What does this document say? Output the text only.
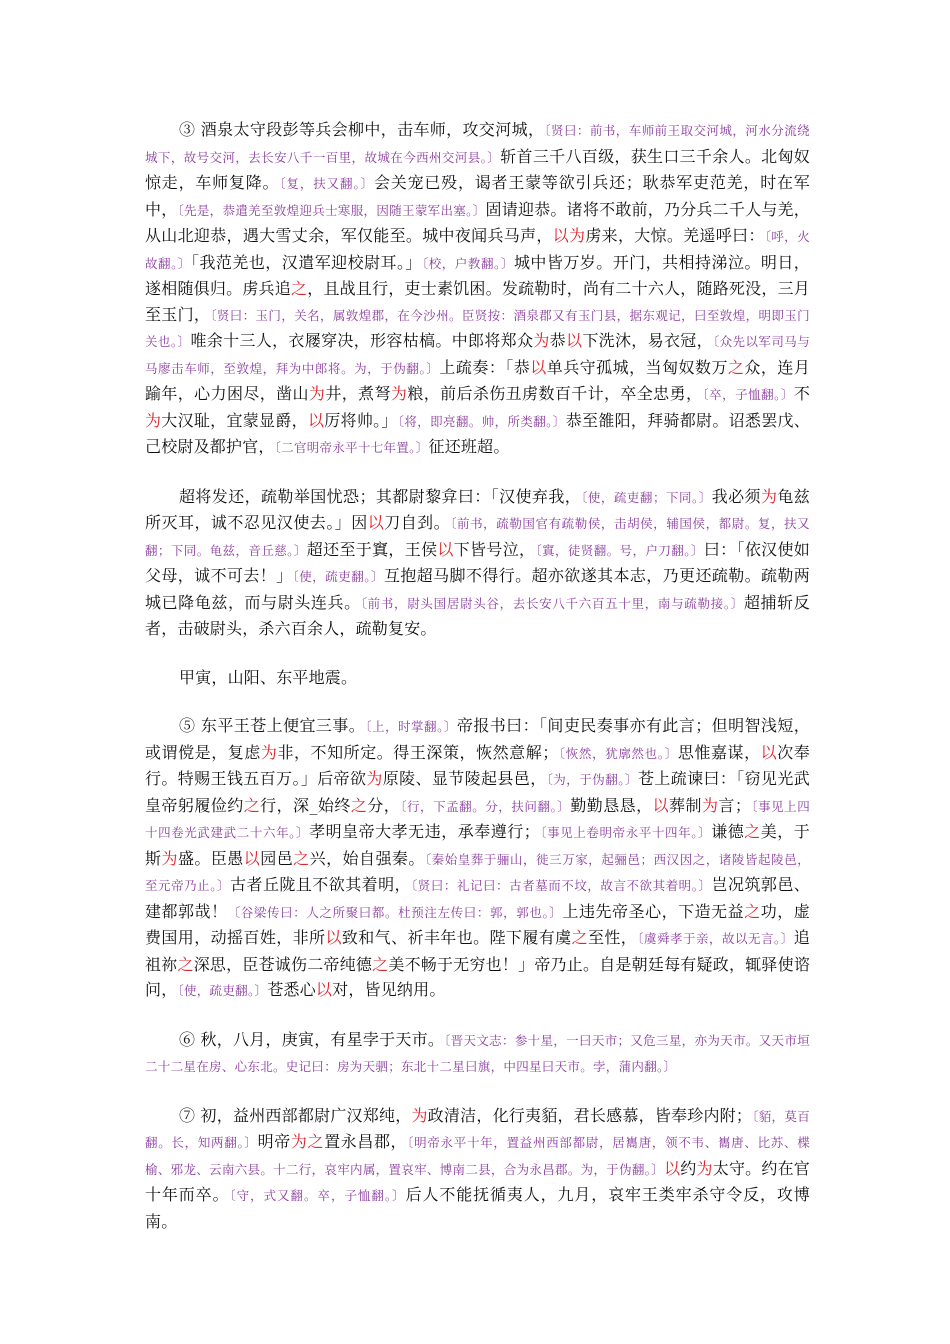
③ 酒泉太守段彭等兵会柳中，击车师，攻交河城，〔贤曰：前书，车师前王取交河城，河水分流绕城下，故号交河，去长安八千一百里，故城在今西州交河县。〕斩首三千八百级，获生口三千余人。北匈奴惊走，车师复降。〔复，扶又翻。〕会关宠已殁，谒者王蒙等欲引兵还；耿恭军吏范羌，时在军中，〔先是，恭遣羌至敦煌迎兵士寒服，因随王蒙军出塞。〕固请迎恭。诸将不敢前，乃分兵二千人与羌，从山北迎恭，遇大雪丈余，军仅能至。城中夜闻兵马声，以为虏来，大惊。羌遥呼曰：〔呼，火故翻。〕「我范羌也，汉遣军迎校尉耳。」〔校，户教翻。〕城中皆万岁。开门，共相持涕泣。明日，遂相随俱归。虏兵追之，且战且行，吏士素饥困。发疏勒时，尚有二十六人，随路死没，三月至玉门，〔贤曰：玉门，关名，属敦煌郡，在今沙州。臣贤按：酒泉郡又有玉门县，据东观记，曰至敦煌，明即玉门关也。〕唯余十三人，衣屦穿决，形容枯槁。中郎将郑众为恭以下洗沐，易衣冠，〔众先以军司马与马廖击车师，至敦煌，拜为中郎将。为，于伪翻。〕上疏奏：「恭以单兵守孤城，当匈奴数万之众，连月踰年，心力困尽，凿山为井，煮弩为粮，前后杀伤丑虏数百千计，卒全忠勇，〔卒，子恤翻。〕不为大汉耻，宜蒙显爵，以厉将帅。」〔将，即亮翻。帅，所类翻。〕恭至雒阳，拜骑都尉。诏悉罢戊、己校尉及都护官，〔二官明帝永平十七年置。〕征还班超。

超将发还，疏勒举国忧恐；其都尉黎弇曰：「汉使弃我，〔使，疏吏翻；下同。〕我必须为龟兹所灭耳，诚不忍见汉使去。」因以刀自刭。〔前书，疏勒国官有疏勒侯，击胡侯，辅国侯，都尉。复，扶又翻；下同。龟兹，音丘慈。〕超还至于窴，王侯以下皆号泣，〔窴，徒贤翻。号，户刀翻。〕曰：「依汉使如父母，诚不可去！」〔使，疏吏翻。〕互抱超马脚不得行。超亦欲遂其本志，乃更还疏勒。疏勒两城已降龟兹，而与尉头连兵。〔前书，尉头国居尉头谷，去长安八千六百五十里，南与疏勒接。〕超捕斩反者，击破尉头，杀六百余人，疏勒复安。

甲寅，山阳、东平地震。

⑤ 东平王苍上便宜三事。〔上，时掌翻。〕帝报书曰：「间吏民奏事亦有此言；但明智浅短，或谓傥是，复虑为非，不知所定。得王深策，恢然意解；〔恢然，犹廓然也。〕思惟嘉谋，以次奉行。特赐王钱五百万。」后帝欲为原陵、显节陵起县邑，〔为，于伪翻。〕苍上疏谏曰：「窃见光武皇帝躬履俭约之行，深_始终之分，〔行，下孟翻。分，扶问翻。〕勤勤恳恳，以葬制为言；〔事见上四十四卷光武建武二十六年。〕孝明皇帝大孝无违，承奉遵行；〔事见上卷明帝永平十四年。〕谦德之美，于斯为盛。臣愚以园邑之兴，始自强秦。〔秦始皇葬于骊山，徙三万家，起骊邑；西汉因之，诸陵皆起陵邑，至元帝乃止。〕古者丘陇且不欲其着明，〔贤曰：礼记曰：古者墓而不坟，故言不欲其着明。〕岂况筑郭邑、建都郭哉！〔谷梁传曰：人之所聚曰都。杜预注左传曰：郭，郭也。〕上违先帝圣心，下造无益之功，虚费国用，动摇百姓，非所以致和气、祈丰年也。陛下履有虞之至性，〔虞舜孝于亲，故以无言。〕追祖祢之深思，臣苍诚伤二帝纯德之美不畅于无穷也！」帝乃止。自是朝廷每有疑政，辄驿使谘问，〔使，疏吏翻。〕苍悉心以对，皆见纳用。

⑥ 秋，八月，庚寅，有星孛于天市。〔晋天文志：参十星，一曰天市；又危三星，亦为天市。又天市垣二十二星在房、心东北。史记曰：房为天驷；东北十二星曰旗，中四星曰天市。孛，蒲内翻。〕

⑦ 初，益州西部都尉广汉郑纯，为政清洁，化行夷貊，君长感慕，皆奉珍内附；〔貊，莫百翻。长，知两翻。〕明帝为之置永昌郡，〔明帝永平十年，置益州西部都尉，居巂唐，领不韦、巂唐、比苏、楪榆、邪龙、云南六县。十二行，哀牢内属，置哀牢、博南二县，合为永昌郡。为，于伪翻。〕以约为太守。约在官十年而卒。〔守，式又翻。卒，子恤翻。〕后人不能抚循夷人，九月，哀牢王类牢杀守令反，攻博南。
